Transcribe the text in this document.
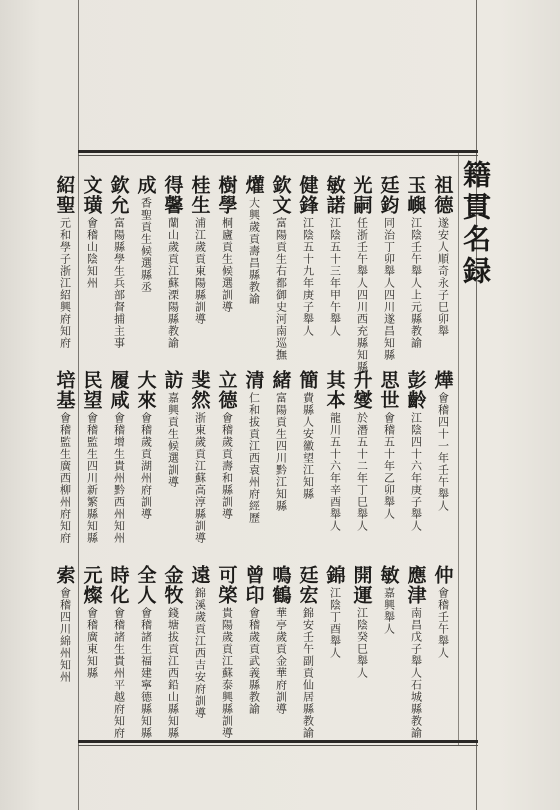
籍貫名録
祖德
遂安人順奇永子巳卯舉
玉嶼
江陰壬午舉人上元縣教諭
廷鈞
同治丁卯舉人四川遂昌知縣
光嗣
任浙壬午舉人四川西充縣知縣
敏諾
江陰五十三年甲午舉人
健鋒
江陰五十九年庚子舉人
欽文
富陽貢生右都御史河南巡撫
爟
大興歲貢壽昌縣教諭
樹學
桐廬貢生候選訓導
桂生
浦江歲貢東陽縣訓導
得馨
蘭山歲貢江蘇溧陽縣教諭
成
香聖貢生候選縣丞
欽允
富陽縣學生兵部督捕主事
文璜
會稽山陰知州
紹聖
元和學子浙江紹興府知府
燁
會稽四十一年壬午舉人
彭齡
江陰四十六年庚子舉人
思世
會稽五十年乙卯舉人
升燮
於潛五十二年丁巳舉人
其本
龍川五十六年辛酉舉人
簡
費縣人安徽望江知縣
緒
富陽貢生四川黔江知縣
清
仁和拔貢江西袁州府經歷
立德
會稽歲貢壽和縣訓導
斐然
浙東歲貢江蘇高淳縣訓導
訪
嘉興貢生候選訓導
大來
會稽歲貢湖州府訓導
履咸
會稽增生貴州黔西州知州
民望
會稽監生四川新繁縣知縣
培基
會稽監生廣西柳州府知府
仲
會稽壬午舉人
應津
南昌戊子舉人石城縣教諭
敏
嘉興舉人
開運
江陰癸巳舉人
錦
江陰丁酉舉人
廷宏
錦安壬午副貢仙居縣教諭
鳴鶴
華亭歲貢金華府訓導
曾印
會稽歲貢武義縣教諭
可棨
貴陽歲貢江蘇泰興縣訓導
遠
錦溪歲貢江西吉安府訓導
金牧
錢塘拔貢江西鉛山縣知縣
全人
會稽諸生福建寧德縣知縣
時化
會稽諸生貴州平越府知府
元燦
會稽廣東知縣
索
會稽四川綿州知州
